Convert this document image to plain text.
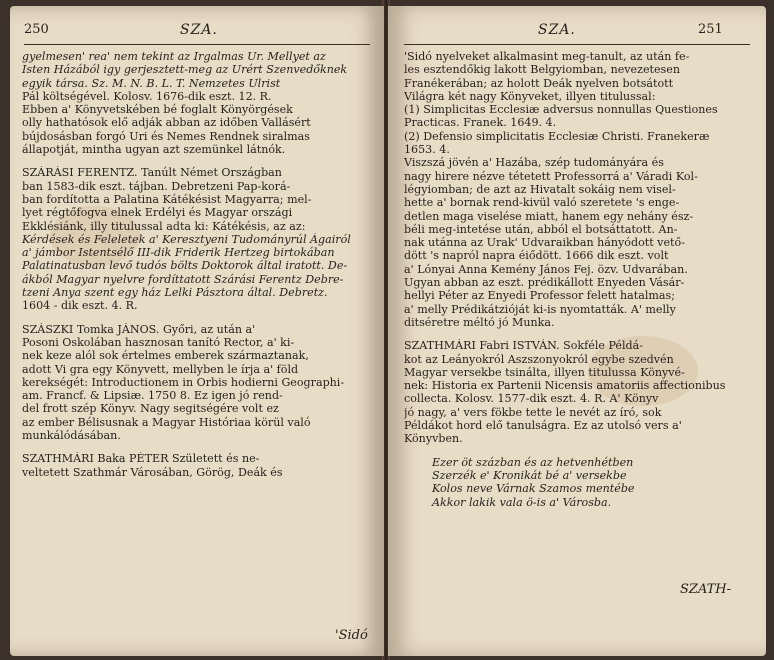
250	SZA.
gyelmesen' rea' nem tekint az Irgalmas Ur. Mellyet az
Isten Házából igy gerjesztett-meg az Urért Szenvedőknek
egyik társa. Sz. M. N. B. L. T. Nemzetes Ulrist
Pál költségével. Kolosv. 1676-dik eszt. 12. R.
Ebben a' Könyvetskében bé foglalt Könyörgések
olly hathatósok elő adják abban az időben Vallásért
bújdosásban forgó Uri és Nemes Rendnek siralmas
állapotját, mintha ugyan azt szemünkel látnók.
SZÁRÁSI FERENTZ. Tanúlt Német Országban
ban 1583-dik eszt. tájban. Debretzeni Pap-korá-
ban fordította a Palatina Kátékésist Magyarra; mel-
lyet régtőfogva elnek Erdélyi és Magyar országi
Ekklésiánk, illy titulussal adta ki: Kátékésis, az az:
Kérdések és Feleletek a' Keresztyeni Tudományrúl Ágairól
a' jámbor Istentsélő III-dik Friderik Hertzeg birtokában
Palatinatusban levő tudós bölts Doktorok által iratott. De-
ákból Magyar nyelvre fordíttatott Szárási Ferentz Debre-
tzeni Anya szent egy ház Lelki Pásztora által. Debretz.
1604 - dik eszt. 4. R.
SZÁSZKI Tomka JÁNOS. Győri, az után a'
Posoni Oskolában hasznosan tanító Rector, a' ki-
nek keze alól sok értelmes emberek származtanak,
adott Vi gra egy Könyvett, mellyben le írja a' föld
kerekségét: Introductionem in Orbis hodierni Geographi-
am. Francf. & Lipsiæ. 1750 8. Ez igen jó rend-
del frott szép Könyv. Nagy segitségére volt ez
az ember Bélisusnak a Magyar Históriaa körül való
munkálódásában.
SZATHMÁRI Baka PÉTER Született és ne-
veltetett Szathmár Városában, Görög, Deák és
'Sidó
SZA.	251
'Sidó nyelveket alkalmasint meg-tanult, az után fe-
les esztendőkig lakott Belgyiomban, nevezetesen
Franékerában; az holott Deák nyelven botsátott
Világra két nagy Könyveket, illyen titulussal:
(1) Simplicitas Ecclesiæ adversus nonnullas Questiones
Practicas. Franek. 1649. 4.
(2) Defensio simplicitatis Ecclesiæ Christi. Franekeræ
1653. 4.
Viszszá jövén a' Hazába, szép tudományára és
nagy hirere nézve tétetett Professorrá a' Váradi Kol-
légyiomban; de azt az Hivatalt sokáig nem visel-
hette a' bornak rend-kivül való szeretete 's enge-
detlen maga viselése miatt, hanem egy nehány ész-
béli meg-intetése után, abból el botsáttatott. An-
nak utánna az Urak' Udvaraikban hányódott vető-
dött 's napról napra éiődött. 1666 dik eszt. volt
a' Lónyai Anna Kemény János Fej. özv. Udvarában.
Ugyan abban az eszt. prédikállott Enyeden Vásár-
hellyi Péter az Enyedi Professor felett hatalmas;
a' melly Prédikátzióját ki-is nyomtatták. A' melly
ditséretre méltó jó Munka.
SZATHMÁRI Fabri ISTVÁN. Sokféle Példá-
kot az Leányokról Aszszonyokról egybe szedvén
Magyar versekbe tsinálta, illyen titulussa Könyvé-
nek: Historia ex Partenii Nicensis amatoriis affectionibus
collecta. Kolosv. 1577-dik eszt. 4. R. A' Könyv
jó nagy, a' vers fökbe tette le nevét az író, sok
Példákot hord elő tanulságra. Ez az utolsó vers a'
Könyvben.
Ezer öt százban és az hetvenhétben
Szerzék e' Kronikát bé a' versekbe
Kolos neve Várnak Szamos mentébe
Akkor lakik vala ö-is a' Városba.
SZATH-
